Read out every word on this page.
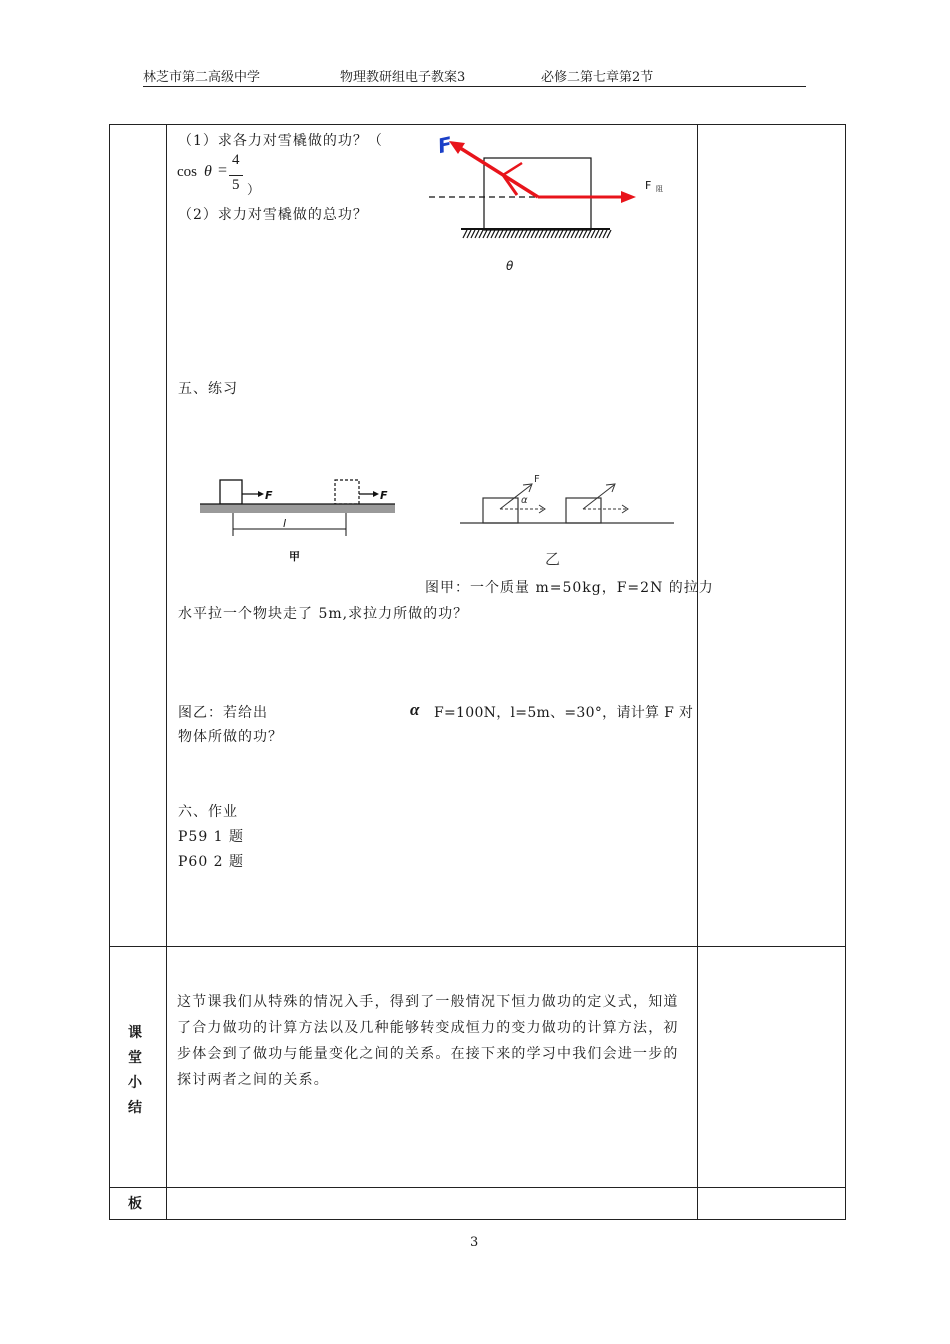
林芝市第二高级中学	物理教研组电子教案3	必修二第七章第2节
（1）求各力对雪橇做的功？（
cos θ =
4
5 ）
（2）求力对雪橇做的总功？
F
F 阻
θ
五、练习
F	F
l
甲
F
α
乙
图甲：一个质量 m=50kg，F=2N 的拉力
水平拉一个物块走了 5m,求拉力所做的功？
图乙：若给出	α F=100N，l=5m、=30°，请计算 F 对
物体所做的功？
六、作业
P59 1 题
P60 2 题
课
堂
小
结
这节课我们从特殊的情况入手，得到了一般情况下恒力做功的定义式，知道了合力做功的计算方法以及几种能够转变成恒力的变力做功的计算方法，初步体会到了做功与能量变化之间的关系。在接下来的学习中我们会进一步的探讨两者之间的关系。
板
3
